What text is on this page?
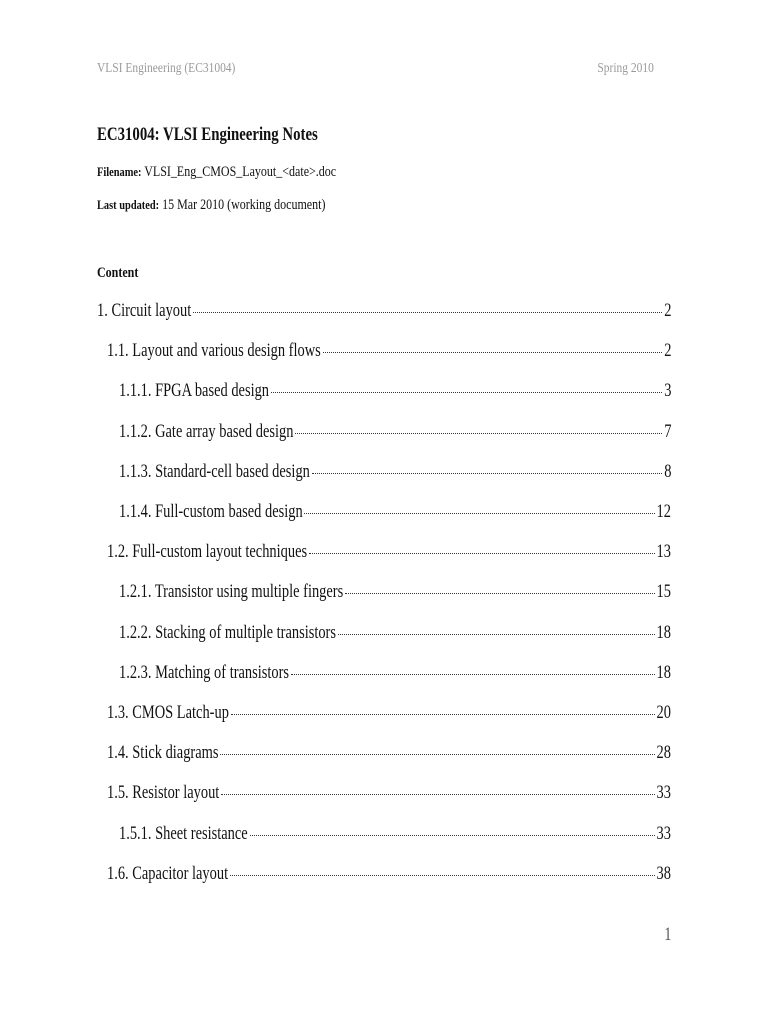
VLSI Engineering (EC31004)	Spring 2010
EC31004: VLSI Engineering Notes
Filename: VLSI_Eng_CMOS_Layout_<date>.doc
Last updated: 15 Mar 2010 (working document)
Content
1. Circuit layout	2
1.1. Layout and various design flows	2
1.1.1. FPGA based design	3
1.1.2. Gate array based design	7
1.1.3. Standard-cell based design	8
1.1.4. Full-custom based design	12
1.2. Full-custom layout techniques	13
1.2.1. Transistor using multiple fingers	15
1.2.2. Stacking of multiple transistors	18
1.2.3. Matching of transistors	18
1.3. CMOS Latch-up	20
1.4. Stick diagrams	28
1.5. Resistor layout	33
1.5.1. Sheet resistance	33
1.6. Capacitor layout	38
1
